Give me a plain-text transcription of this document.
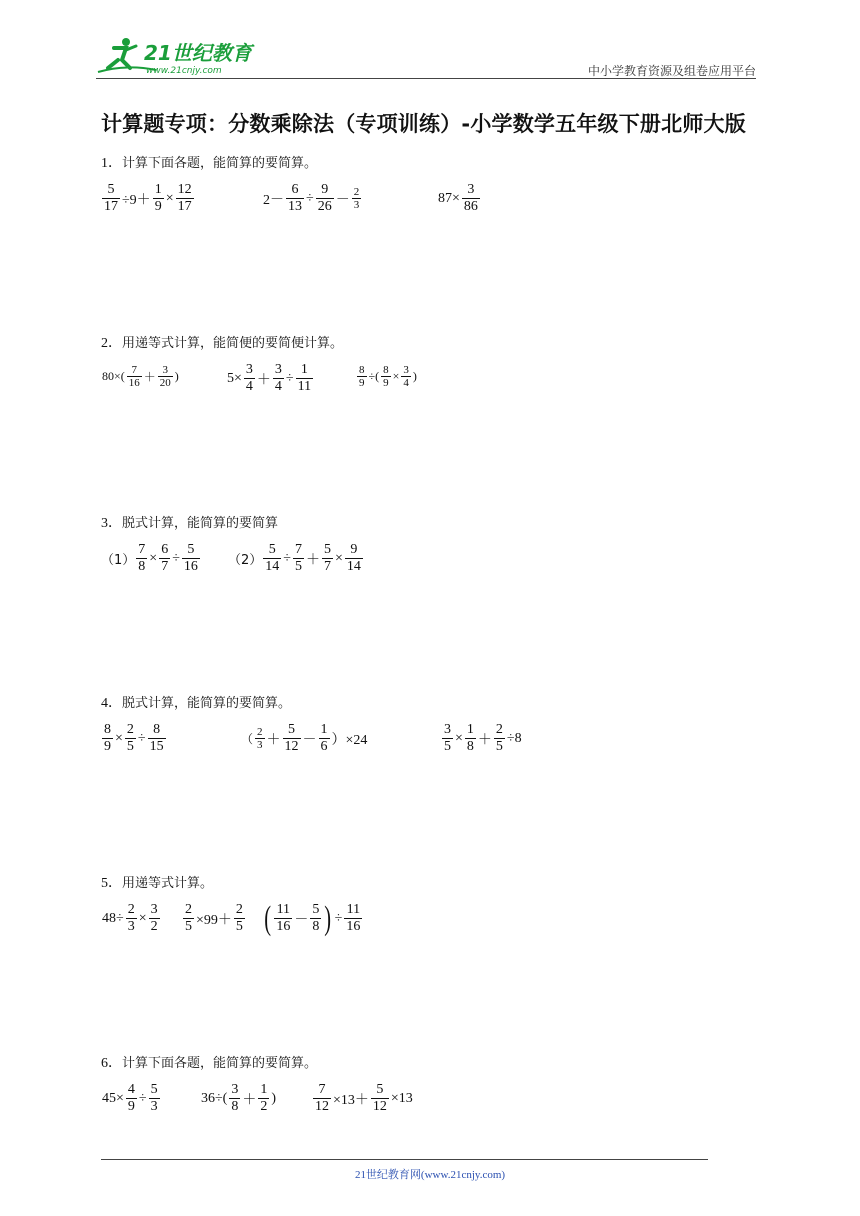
21世纪教育
www.21cnjy.com	中小学教育资源及组卷应用平台
计算题专项：分数乘除法（专项训练）-小学数学五年级下册北师大版
1．计算下面各题，能简算的要简算。
$\frac{5}{17} \div 9+ \frac{1}{9} \times \frac{12}{17}$	$2- \frac{6}{13} \div \frac{9}{26} - \frac{2}{3}$	$87\times \frac{3}{86}$
2．用递等式计算，能简便的要简便计算。
$80\times( \frac{7}{16} + \frac{3}{20}$ )	$5\times \frac{3}{4} + \frac{3}{4} \div \frac{1}{11}$	$\frac{8}{9}$ ÷( $\frac{8}{9} \times \frac{3}{4}$ )
3．脱式计算，能简算的要简算
$(1) \frac{7}{8} \times \frac{6}{7} \div \frac{5}{16} (2) \frac{5}{14} \div \frac{7}{5} + \frac{5}{7} \times \frac{9}{14}$
4．脱式计算，能简算的要简算。
$\frac{8}{9} \times \frac{2}{5} \div \frac{8}{15}$	（ $\frac{2}{3} + \frac{5}{12} - \frac{1}{6} )\times 24$	$\frac{3}{5} \times \frac{1}{8} + \frac{2}{5} \div 8$
5．用递等式计算。
$48\div \frac{2}{3} \times \frac{3}{2} \frac{2}{5} \times 99+ \frac{2}{5}$ ( $\frac{11}{16} - \frac{5}{8}$ ) ÷ $\frac{11}{16}$
6．计算下面各题，能简算的要简算。
$45\times \frac{4}{9} \div \frac{5}{3}$	$36\div( \frac{3}{8} + \frac{1}{2}$ )	$\frac{7}{12} \times 13+ \frac{5}{12} \times 13$
21世纪教育网(www.21cnjy.com)
